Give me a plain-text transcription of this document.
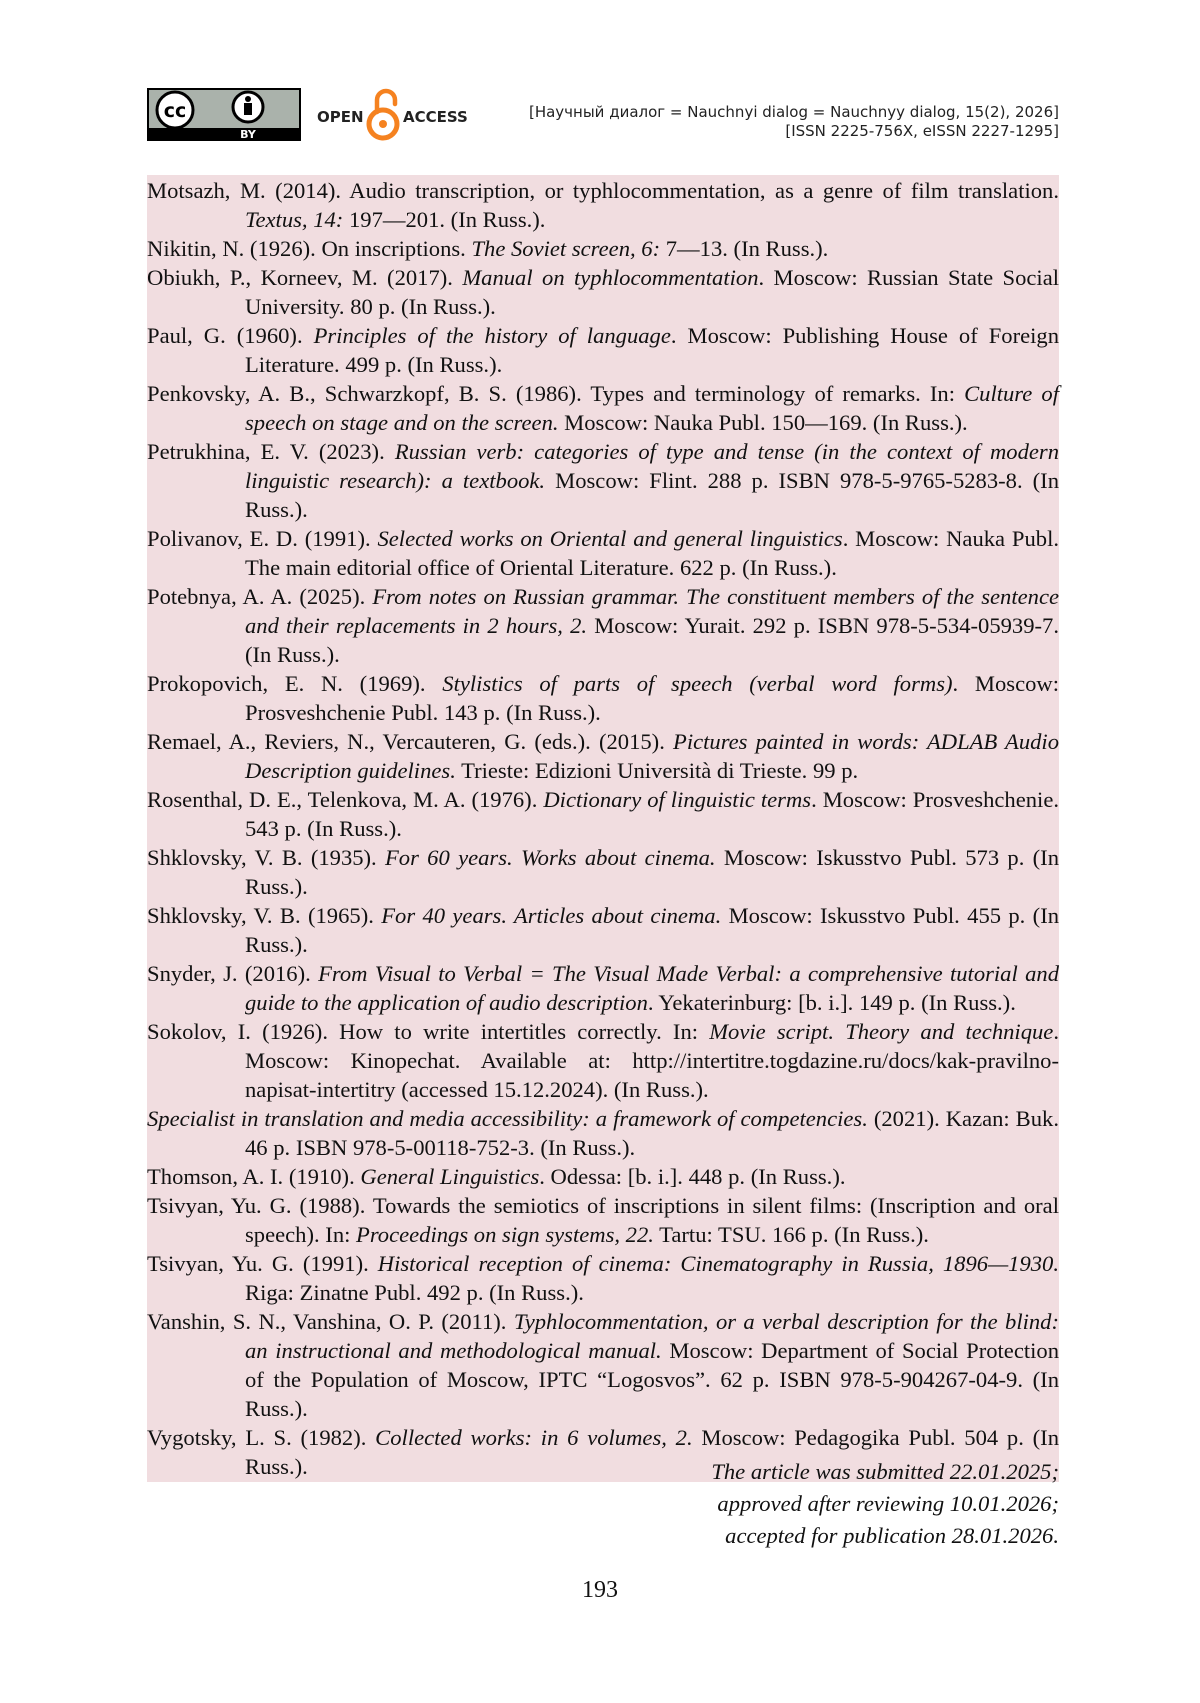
cc
BY
OPEN	ACCESS	[Научный диалог = Nauchnyi dialog = Nauchnyy dialog, 15(2), 2026]
[ISSN 2225-756X, eISSN 2227-1295]

Motsazh, M. (2014). Audio transcription, or typhlocommentation, as a genre of film translation. Textus, 14: 197—201. (In Russ.).

Nikitin, N. (1926). On inscriptions. The Soviet screen, 6: 7—13. (In Russ.).

Obiukh, P., Korneev, M. (2017). Manual on typhlocommentation. Moscow: Russian State Social University. 80 p. (In Russ.).

Paul, G. (1960). Principles of the history of language. Moscow: Publishing House of Foreign Literature. 499 p. (In Russ.).

Penkovsky, A. B., Schwarzkopf, B. S. (1986). Types and terminology of remarks. In: Culture of speech on stage and on the screen. Moscow: Nauka Publ. 150—169. (In Russ.).

Petrukhina, E. V. (2023). Russian verb: categories of type and tense (in the context of modern linguistic research): a textbook. Moscow: Flint. 288 p. ISBN 978-5-9765-5283-8. (In Russ.).

Polivanov, E. D. (1991). Selected works on Oriental and general linguistics. Moscow: Nauka Publ. The main editorial office of Oriental Literature. 622 p. (In Russ.).

Potebnya, A. A. (2025). From notes on Russian grammar. The constituent members of the sentence and their replacements in 2 hours, 2. Moscow: Yurait. 292 p. ISBN 978-5-534-05939-7. (In Russ.).

Prokopovich, E. N. (1969). Stylistics of parts of speech (verbal word forms). Moscow: Prosveshchenie Publ. 143 p. (In Russ.).

Remael, A., Reviers, N., Vercauteren, G. (eds.). (2015). Pictures painted in words: ADLAB Audio Description guidelines. Trieste: Edizioni Università di Trieste. 99 p.

Rosenthal, D. E., Telenkova, M. A. (1976). Dictionary of linguistic terms. Moscow: Prosveshchenie. 543 p. (In Russ.).

Shklovsky, V. B. (1935). For 60 years. Works about cinema. Moscow: Iskusstvo Publ. 573 p. (In Russ.).

Shklovsky, V. B. (1965). For 40 years. Articles about cinema. Moscow: Iskusstvo Publ. 455 p. (In Russ.).

Snyder, J. (2016). From Visual to Verbal = The Visual Made Verbal: a comprehensive tutorial and guide to the application of audio description. Yekaterinburg: [b. i.]. 149 p. (In Russ.).

Sokolov, I. (1926). How to write intertitles correctly. In: Movie script. Theory and technique. Moscow: Kinopechat. Available at: http://intertitre.togdazine.ru/docs/kak-pravilno-napisat-intertitry (accessed 15.12.2024). (In Russ.).

Specialist in translation and media accessibility: a framework of competencies. (2021). Kazan: Buk. 46 p. ISBN 978-5-00118-752-3. (In Russ.).

Thomson, A. I. (1910). General Linguistics. Odessa: [b. i.]. 448 p. (In Russ.).

Tsivyan, Yu. G. (1988). Towards the semiotics of inscriptions in silent films: (Inscription and oral speech). In: Proceedings on sign systems, 22. Tartu: TSU. 166 p. (In Russ.).

Tsivyan, Yu. G. (1991). Historical reception of cinema: Cinematography in Russia, 1896—1930. Riga: Zinatne Publ. 492 p. (In Russ.).

Vanshin, S. N., Vanshina, O. P. (2011). Typhlocommentation, or a verbal description for the blind: an instructional and methodological manual. Moscow: Department of Social Protection of the Population of Moscow, IPTC “Logosvos”. 62 p. ISBN 978-5-904267-04-9. (In Russ.).

Vygotsky, L. S. (1982). Collected works: in 6 volumes, 2. Moscow: Pedagogika Publ. 504 p. (In Russ.).	The article was submitted 22.01.2025;
approved after reviewing 10.01.2026;
accepted for publication 28.01.2026.
193
